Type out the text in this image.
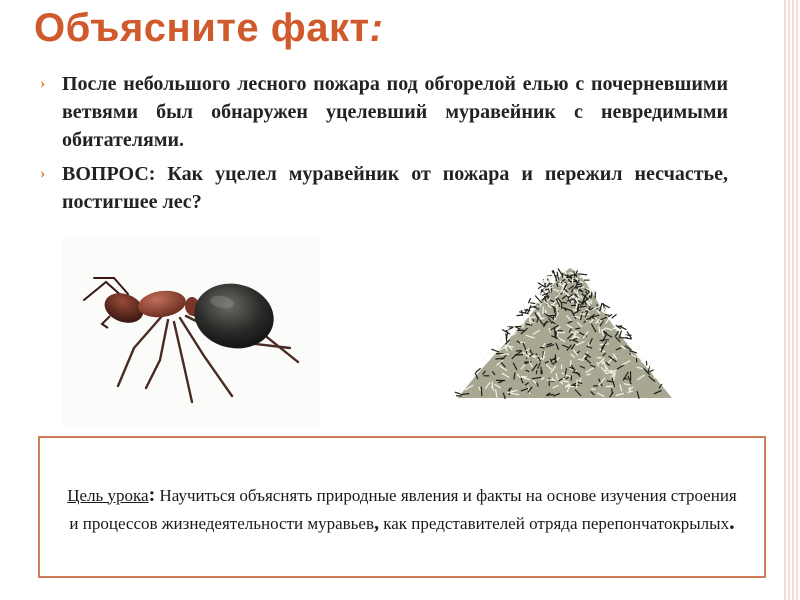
Объясните факт:
› После небольшого лесного пожара под обгорелой елью с почерневшими ветвями был обнаружен уцелевший муравейник с невредимыми обитателями.
› ВОПРОС: Как уцелел муравейник от пожара и пережил несчастье, постигшее лес?
Цель урока: Научиться объяснять природные явления и факты на основе изучения строения и процессов жизнедеятельности муравьев, как представителей отряда перепончатокрылых.
